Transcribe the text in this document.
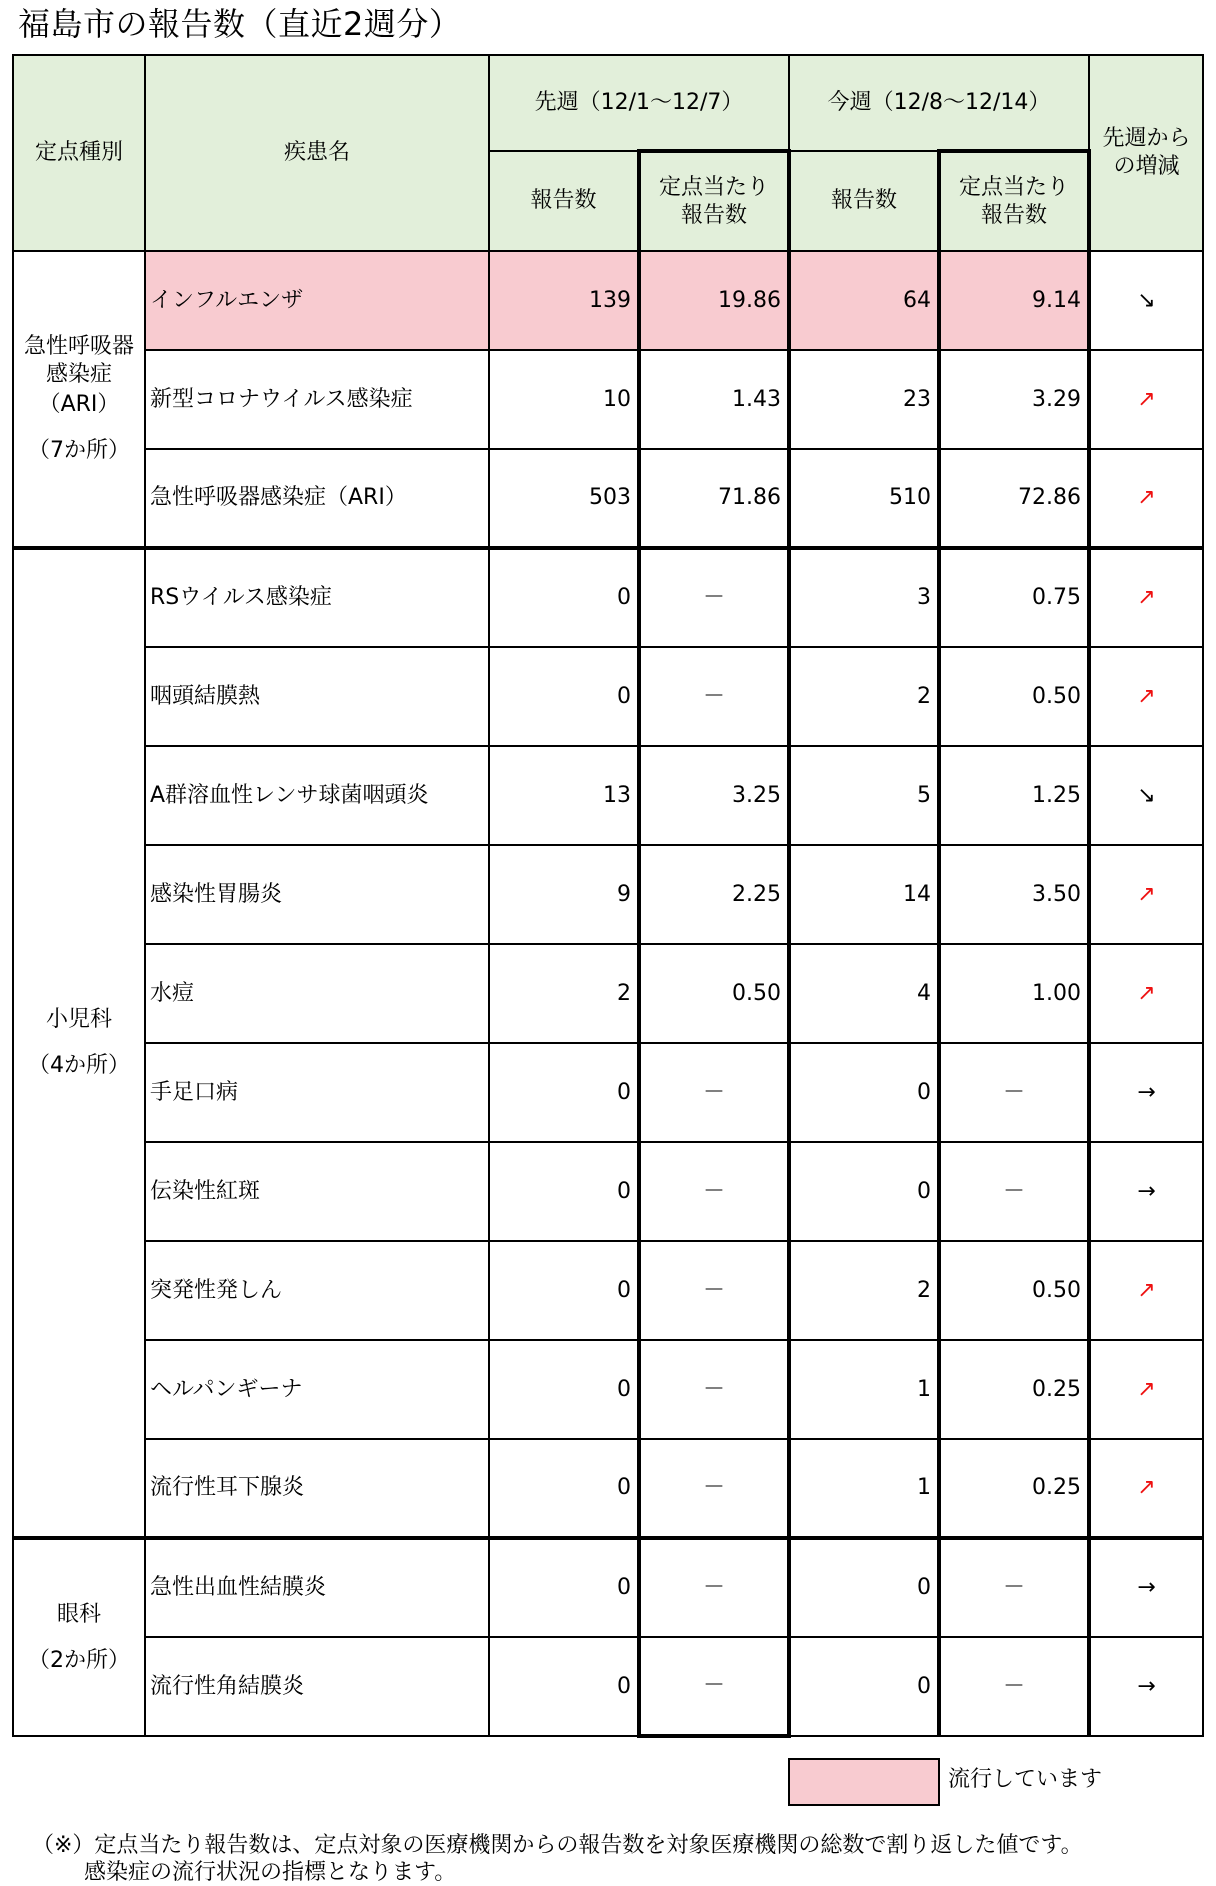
福島市の報告数（直近2週分）
定点種別	疾患名	先週（12/1～12/7）		今週（12/8～12/14）		先週からの増減
		報告数	定点当たり報告数	報告数	定点当たり報告数	

急性呼吸器感染症
（ARI）
（7か所）	インフルエンザ	139	19.86	64	9.14	↘
	新型コロナウイルス感染症	10	1.43	23	3.29	↗
	急性呼吸器感染症（ARI）	503	71.86	510	72.86	↗

小児科
（4か所）	RSウイルス感染症	0	－	3	0.75	↗
	咽頭結膜熱	0	－	2	0.50	↗
	A群溶血性レンサ球菌咽頭炎	13	3.25	5	1.25	↘
	感染性胃腸炎	9	2.25	14	3.50	↗
	水痘	2	0.50	4	1.00	↗
	手足口病	0	－	0	－	→
	伝染性紅斑	0	－	0	－	→
	突発性発しん	0	－	2	0.50	↗
	ヘルパンギーナ	0	－	1	0.25	↗
	流行性耳下腺炎	0	－	1	0.25	↗

眼科
（2か所）	急性出血性結膜炎	0	－	0	－	→
	流行性角結膜炎	0	－	0	－	→
流行しています
（※）定点当たり報告数は、定点対象の医療機関からの報告数を対象医療機関の総数で割り返した値です。
感染症の流行状況の指標となります。
